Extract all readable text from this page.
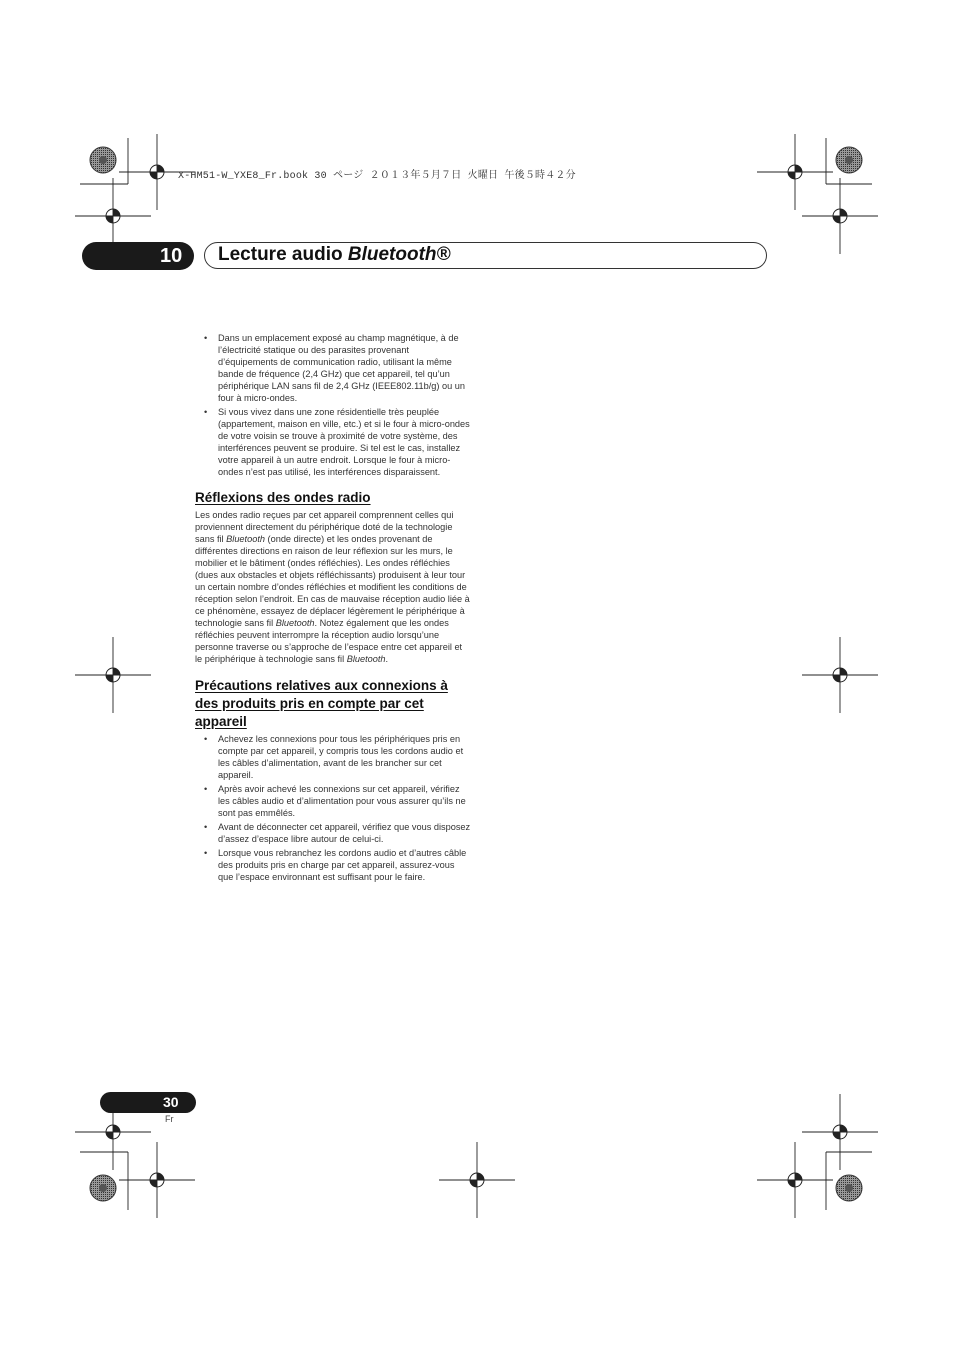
X-HM51-W_YXE8_Fr.book 30 ページ ２０１３年５月７日 火曜日 午後５時４２分
10 Lecture audio Bluetooth®
• Dans un emplacement exposé au champ magnétique, à de l’électricité statique ou des parasites provenant d’équipements de communication radio, utilisant la même bande de fréquence (2,4 GHz) que cet appareil, tel qu’un périphérique LAN sans fil de 2,4 GHz (IEEE802.11b/g) ou un four à micro-ondes.
• Si vous vivez dans une zone résidentielle très peuplée (appartement, maison en ville, etc.) et si le four à micro-ondes de votre voisin se trouve à proximité de votre système, des interférences peuvent se produire. Si tel est le cas, installez votre appareil à un autre endroit. Lorsque le four à micro-ondes n’est pas utilisé, les interférences disparaissent.
Réflexions des ondes radio

Les ondes radio reçues par cet appareil comprennent celles qui proviennent directement du périphérique doté de la technologie sans fil Bluetooth (onde directe) et les ondes provenant de différentes directions en raison de leur réflexion sur les murs, le mobilier et le bâtiment (ondes réfléchies). Les ondes réfléchies (dues aux obstacles et objets réfléchissants) produisent à leur tour un certain nombre d’ondes réfléchies et modifient les conditions de réception selon l’endroit. En cas de mauvaise réception audio liée à ce phénomène, essayez de déplacer légèrement le périphérique à technologie sans fil Bluetooth. Notez également que les ondes réfléchies peuvent interrompre la réception audio lorsqu’une personne traverse ou s’approche de l’espace entre cet appareil et le périphérique à technologie sans fil Bluetooth.

Précautions relatives aux connexions à des produits pris en compte par cet appareil
• Achevez les connexions pour tous les périphériques pris en compte par cet appareil, y compris tous les cordons audio et les câbles d’alimentation, avant de les brancher sur cet appareil.
• Après avoir achevé les connexions sur cet appareil, vérifiez les câbles audio et d’alimentation pour vous assurer qu’ils ne sont pas emmêlés.
• Avant de déconnecter cet appareil, vérifiez que vous disposez d’assez d’espace libre autour de celui-ci.
• Lorsque vous rebranchez les cordons audio et d’autres câble des produits pris en charge par cet appareil, assurez-vous que l’espace environnant est suffisant pour le faire.
30
Fr
